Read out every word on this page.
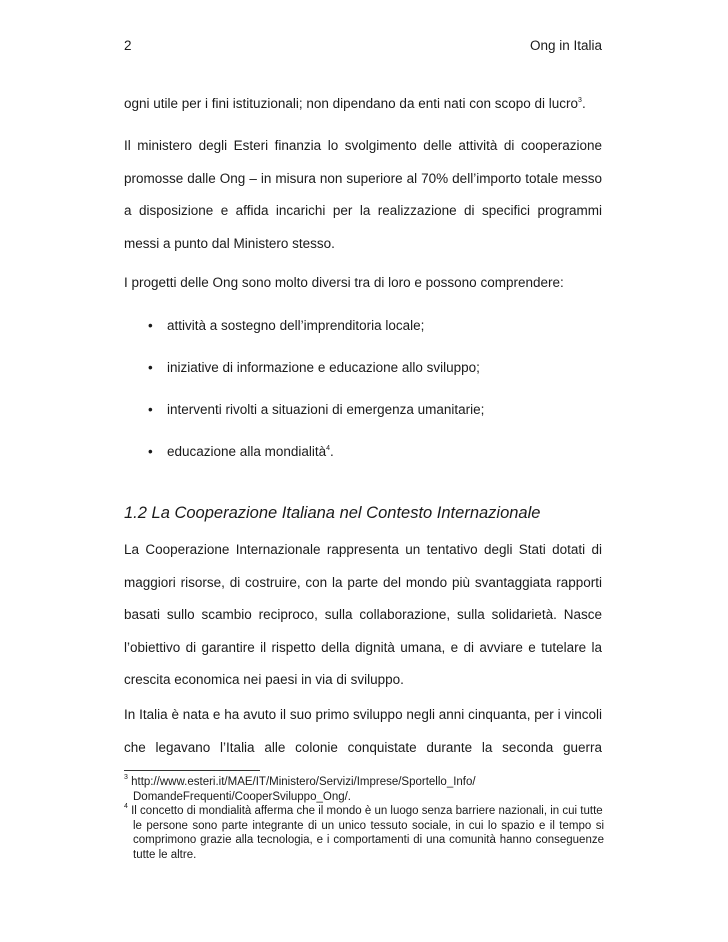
2	Ong in Italia
ogni utile per i fini istituzionali; non dipendano da enti nati con scopo di lucro$^3$.
Il ministero degli Esteri finanzia lo svolgimento delle attività di cooperazione
promosse dalle Ong – in misura non superiore al 70% dell’importo totale messo
a disposizione e affida incarichi per la realizzazione di specifici programmi
messi a punto dal Ministero stesso.
I progetti delle Ong sono molto diversi tra di loro e possono comprendere:
• attività a sostegno dell’imprenditoria locale;
• iniziative di informazione e educazione allo sviluppo;
• interventi rivolti a situazioni di emergenza umanitarie;
• educazione alla mondialità$^4$.
1.2 La Cooperazione Italiana nel Contesto Internazionale
La Cooperazione Internazionale rappresenta un tentativo degli Stati dotati di
maggiori risorse, di costruire, con la parte del mondo più svantaggiata rapporti
basati sullo scambio reciproco, sulla collaborazione, sulla solidarietà. Nasce
l’obiettivo di garantire il rispetto della dignità umana, e di avviare e tutelare la
crescita economica nei paesi in via di sviluppo.
In Italia è nata e ha avuto il suo primo sviluppo negli anni cinquanta, per i vincoli
che legavano l’Italia alle colonie conquistate durante la seconda guerra
$^3$ http://www.esteri.it/MAE/IT/Ministero/Servizi/Imprese/Sportello_Info/
DomandeFrequenti/CooperSviluppo_Ong/.
$^4$ Il concetto di mondialità afferma che il mondo è un luogo senza barriere nazionali, in cui tutte
le persone sono parte integrante di un unico tessuto sociale, in cui lo spazio e il tempo si
comprimono grazie alla tecnologia, e i comportamenti di una comunità hanno conseguenze
tutte le altre.
